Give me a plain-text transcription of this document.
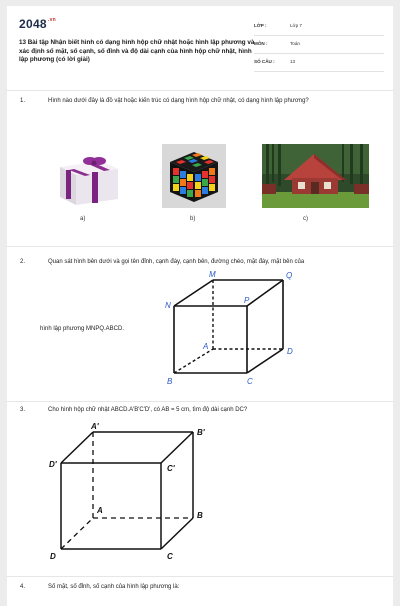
$2048^{.vn}$
13 Bài tập Nhận biết hình có dạng hình hộp chữ nhật hoặc hình lập phương và xác định số mặt, số cạnh, số đỉnh và độ dài cạnh của hình hộp chữ nhật, hình lập phương (có lời giải)
LỚP :	Lớp 7
MÔN :	Toán
SỐ CÂU :	13
1.	Hình nào dưới đây là đồ vật hoặc kiến trúc có dạng hình hộp chữ nhật, có dạng hình lập phương?
a)	b)	c)
2.	Quan sát hình bên dưới và gọi tên đỉnh, cạnh đáy, cạnh bên, đường chéo, mặt đáy, mặt bên của
hình lập phương MNPQ.ABCD.
M	Q
N
P
A
D
B	C
3.	Cho hình hộp chữ nhật ABCD.A'B'C'D', có AB = 5 cm, tìm độ dài cạnh DC?
A'
B'
D'	C'
A
B
D	C
4.	Số mặt, số đỉnh, số cạnh của hình lập phương là:
